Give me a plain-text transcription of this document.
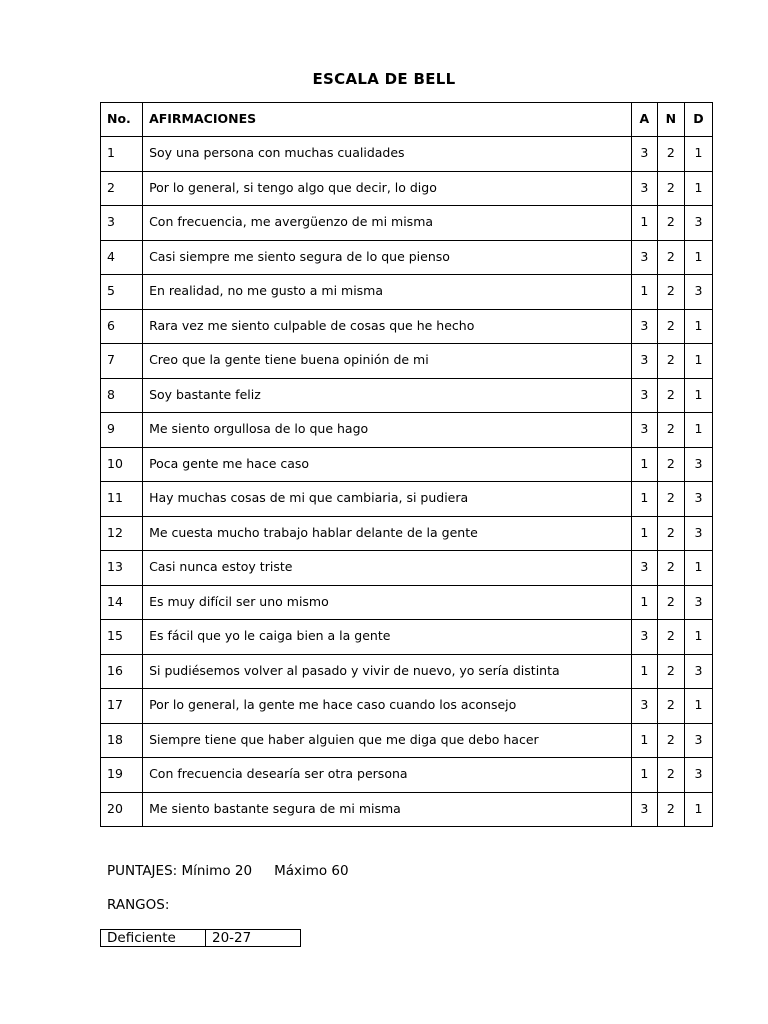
ESCALA DE BELL
No.	AFIRMACIONES	A	N	D
1	Soy una persona con muchas cualidades	3	2	1
2	Por lo general, si tengo algo que decir, lo digo	3	2	1
3	Con frecuencia, me avergüenzo de mi misma	1	2	3
4	Casi siempre me siento segura de lo que pienso	3	2	1
5	En realidad, no me gusto a mi misma	1	2	3
6	Rara vez me siento culpable de cosas que he hecho	3	2	1
7	Creo que la gente tiene buena opinión de mi	3	2	1
8	Soy bastante feliz	3	2	1
9	Me siento orgullosa de lo que hago	3	2	1
10	Poca gente me hace caso	1	2	3
11	Hay muchas cosas de mi que cambiaria, si pudiera	1	2	3
12	Me cuesta mucho trabajo hablar delante de la gente	1	2	3
13	Casi nunca estoy triste	3	2	1
14	Es muy difícil ser uno mismo	1	2	3
15	Es fácil que yo le caiga bien a la gente	3	2	1
16	Si pudiésemos volver al pasado y vivir de nuevo, yo sería distinta	1	2	3
17	Por lo general, la gente me hace caso cuando los aconsejo	3	2	1
18	Siempre tiene que haber alguien que me diga que debo hacer	1	2	3
19	Con frecuencia desearía ser otra persona	1	2	3
20	Me siento bastante segura de mi misma	3	2	1
PUNTAJES: Mínimo 20 Máximo 60
RANGOS:
Deficiente	20-27
